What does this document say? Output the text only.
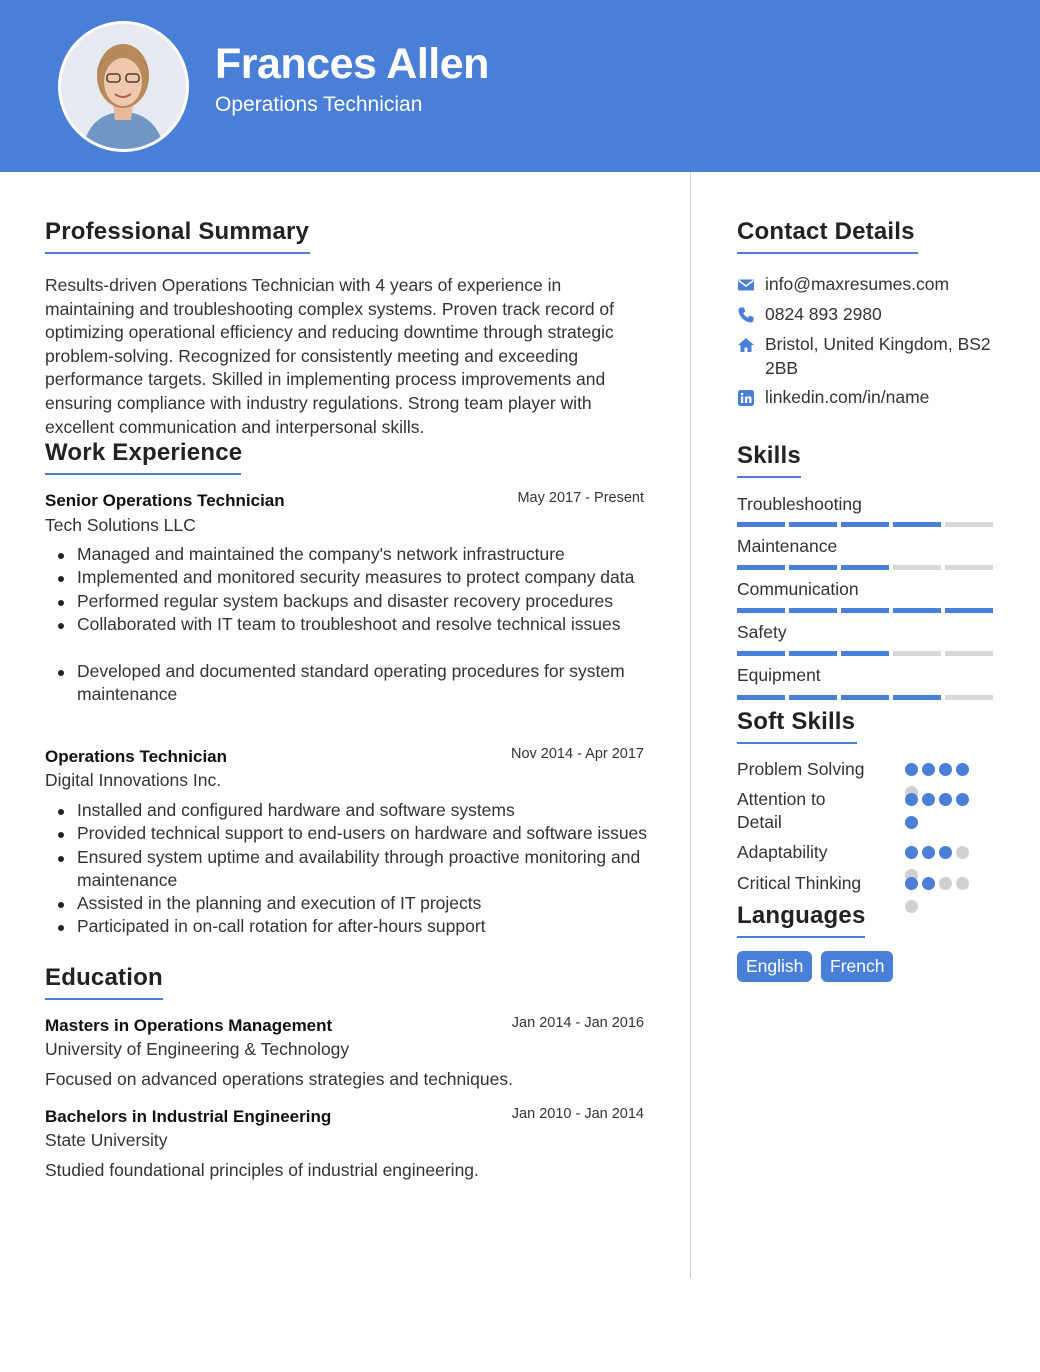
Frances Allen
Operations Technician
Professional Summary
Results-driven Operations Technician with 4 years of experience in maintaining and troubleshooting complex systems. Proven track record of optimizing operational efficiency and reducing downtime through strategic problem-solving. Recognized for consistently meeting and exceeding performance targets. Skilled in implementing process improvements and ensuring compliance with industry regulations. Strong team player with excellent communication and interpersonal skills.
Work Experience
Senior Operations Technician	May 2017 - Present
Tech Solutions LLC
Managed and maintained the company's network infrastructure
Implemented and monitored security measures to protect company data
Performed regular system backups and disaster recovery procedures
Collaborated with IT team to troubleshoot and resolve technical issues
Developed and documented standard operating procedures for system maintenance
Operations Technician	Nov 2014 - Apr 2017
Digital Innovations Inc.
Installed and configured hardware and software systems
Provided technical support to end-users on hardware and software issues
Ensured system uptime and availability through proactive monitoring and maintenance
Assisted in the planning and execution of IT projects
Participated in on-call rotation for after-hours support
Education
Masters in Operations Management	Jan 2014 - Jan 2016
University of Engineering & Technology
Focused on advanced operations strategies and techniques.
Bachelors in Industrial Engineering	Jan 2010 - Jan 2014
State University
Studied foundational principles of industrial engineering.
Contact Details
info@maxresumes.com
0824 893 2980
Bristol, United Kingdom, BS2 2BB
linkedin.com/in/name
Skills
Troubleshooting
Maintenance
Communication
Safety
Equipment
Soft Skills
Problem Solving
Attention to Detail
Adaptability
Critical Thinking
Languages
English	French
